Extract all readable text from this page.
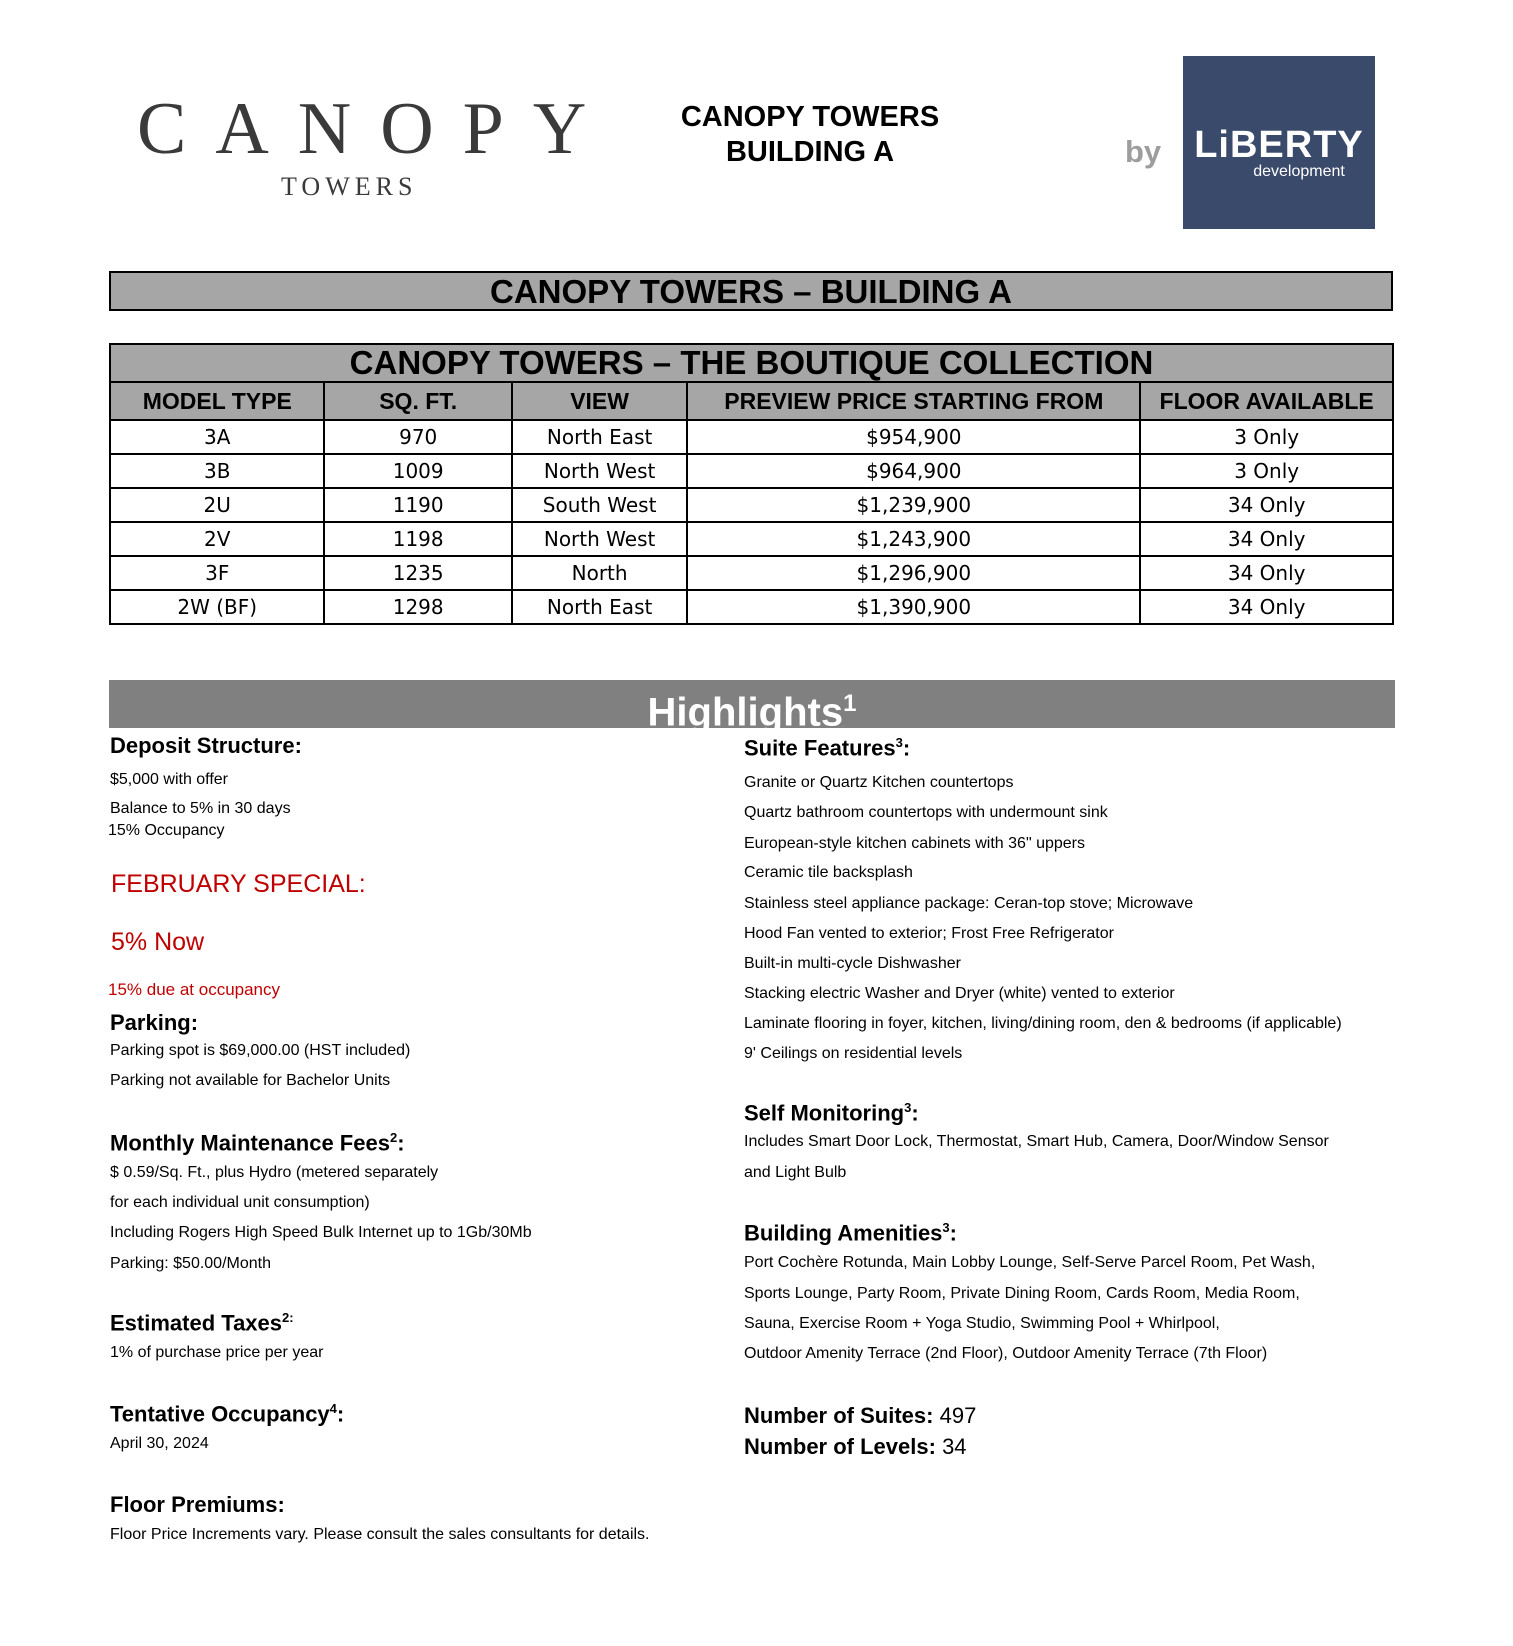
CANOPY
TOWERS
CANOPY TOWERS
BUILDING A	by LiBERTY
development
CANOPY TOWERS – BUILDING A
CANOPY TOWERS – THE BOUTIQUE COLLECTION				
MODEL TYPE	SQ. FT.	VIEW	PREVIEW PRICE STARTING FROM	FLOOR AVAILABLE
3A	970	North East	$954,900	3 Only
3B	1009	North West	$964,900	3 Only
2U	1190	South West	$1,239,900	34 Only
2V	1198	North West	$1,243,900	34 Only
3F	1235	North	$1,296,900	34 Only
2W (BF)	1298	North East	$1,390,900	34 Only
Highlights$^1$
Deposit Structure:
$5,000 with offer
Balance to 5% in 30 days
15% Occupancy
FEBRUARY SPECIAL:
5% Now
15% due at occupancy
Parking:
Parking spot is $69,000.00 (HST included)
Parking not available for Bachelor Units
Monthly Maintenance Fees$^2$:
$ 0.59/Sq. Ft., plus Hydro (metered separately
for each individual unit consumption)
Including Rogers High Speed Bulk Internet up to 1Gb/30Mb
Parking: $50.00/Month
Estimated Taxes$^{2:}$
1% of purchase price per year
Tentative Occupancy$^4$:
April 30, 2024
Floor Premiums:
Floor Price Increments vary. Please consult the sales consultants for details.
Suite Features$^3$:
Granite or Quartz Kitchen countertops
Quartz bathroom countertops with undermount sink
European-style kitchen cabinets with 36" uppers
Ceramic tile backsplash
Stainless steel appliance package: Ceran-top stove; Microwave
Hood Fan vented to exterior; Frost Free Refrigerator
Built-in multi-cycle Dishwasher
Stacking electric Washer and Dryer (white) vented to exterior
Laminate flooring in foyer, kitchen, living/dining room, den & bedrooms (if applicable)
9' Ceilings on residential levels
Self Monitoring$^3$:
Includes Smart Door Lock, Thermostat, Smart Hub, Camera, Door/Window Sensor
and Light Bulb
Building Amenities$^3$:
Port Cochère Rotunda, Main Lobby Lounge, Self-Serve Parcel Room, Pet Wash,
Sports Lounge, Party Room, Private Dining Room, Cards Room, Media Room,
Sauna, Exercise Room + Yoga Studio, Swimming Pool + Whirlpool,
Outdoor Amenity Terrace (2nd Floor), Outdoor Amenity Terrace (7th Floor)
Number of Suites: 497
Number of Levels: 34
